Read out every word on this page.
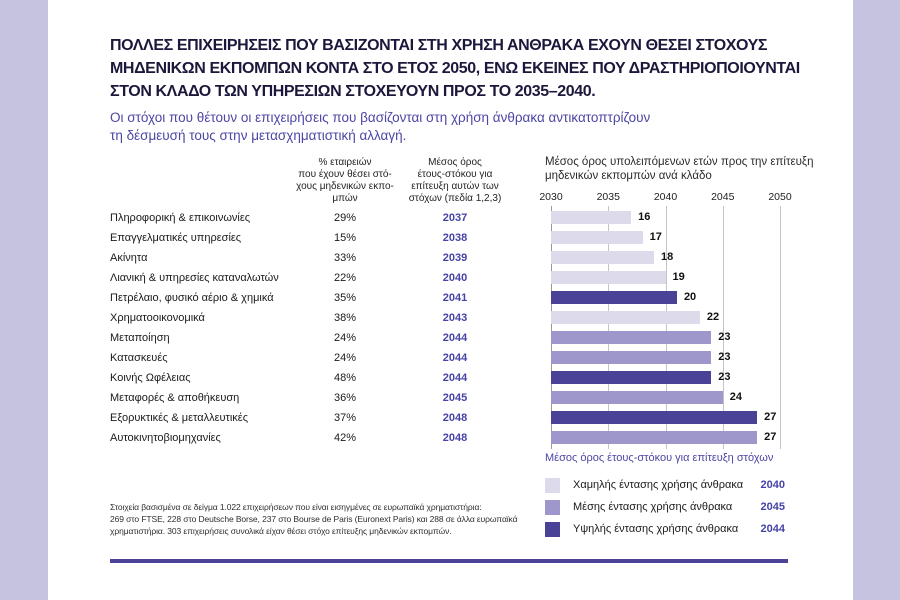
ΠΟΛΛΕΣ ΕΠΙΧΕΙΡΗΣΕΙΣ ΠΟΥ ΒΑΣΙΖΟΝΤΑΙ ΣΤΗ ΧΡΗΣΗ ΑΝΘΡΑΚΑ ΕΧΟΥΝ ΘΕΣΕΙ ΣΤΟΧΟΥΣ
ΜΗΔΕΝΙΚΩΝ ΕΚΠΟΜΠΩΝ ΚΟΝΤΑ ΣΤΟ ΕΤΟΣ 2050, ΕΝΩ ΕΚΕΙΝΕΣ ΠΟΥ ΔΡΑΣΤΗΡΙΟΠΟΙΟΥΝΤΑΙ
ΣΤΟΝ ΚΛΑΔΟ ΤΩΝ ΥΠΗΡΕΣΙΩΝ ΣΤΟΧΕΥΟΥΝ ΠΡΟΣ ΤΟ 2035–2040.
Οι στόχοι που θέτουν οι επιχειρήσεις που βασίζονται στη χρήση άνθρακα αντικατοπτρίζουν
τη δέσμευσή τους στην μετασχηματιστική αλλαγή.
% εταιρειών
που έχουν θέσει στό-
χους μηδενικών εκπο-
μπών
Μέσος όρος
έτους-στόκου για
επίτευξη αυτών των
στόχων (πεδία 1,2,3)
Πληροφορική & επικοινωνίες	29%	2037
Επαγγελματικές υπηρεσίες	15%	2038
Ακίνητα	33%	2039
Λιανική & υπηρεσίες καταναλωτών	22%	2040
Πετρέλαιο, φυσικό αέριο & χημικά	35%	2041
Χρηματοοικονομικά	38%	2043
Μεταποίηση	24%	2044
Κατασκευές	24%	2044
Κοινής Ωφέλειας	48%	2044
Μεταφορές & αποθήκευση	36%	2045
Εξορυκτικές & μεταλλευτικές	37%	2048
Αυτοκινητοβιομηχανίες	42%	2048
Μέσος όρος υπολειπόμενων ετών προς την επίτευξη
μηδενικών εκπομπών ανά κλάδο
2030	2035	2040	2045	2050
16
17
18
19
20
22
23
23
23
24
27
27
Μέσος όρος έτους-στόκου για επίτευξη στόχων
Χαμηλής έντασης χρήσης άνθρακα 2040
Μέσης έντασης χρήσης άνθρακα	2045
Υψηλής έντασης χρήσης άνθρακα 2044
Στοιχεία βασισμένα σε δείγμα 1.022 επιχειρήσεων που είναι εισηγμένες σε ευρωπαϊκά χρηματιστήρια:
269 στο FTSE, 228 στο Deutsche Borse, 237 στο Bourse de Paris (Euronext Paris) και 288 σε άλλα ευρωπαϊκά
χρηματιστήρια. 303 επιχειρήσεις συνολικά είχαν θέσει στόχο επίτευξης μηδενικών εκπομπών.
